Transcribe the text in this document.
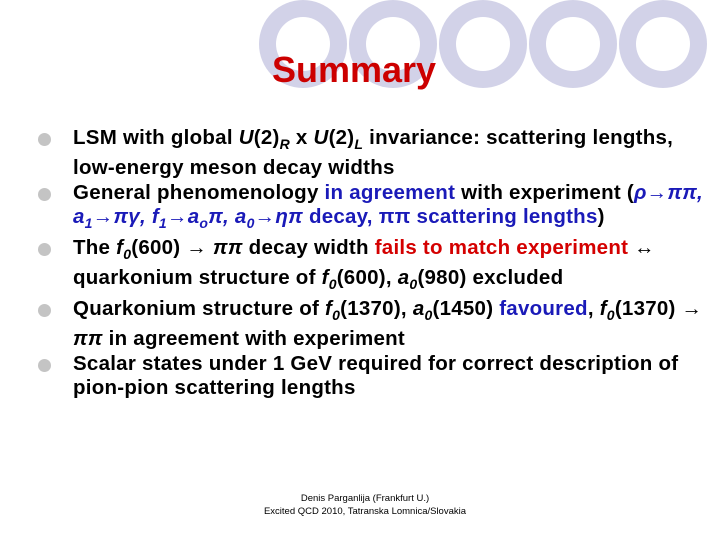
Summary
LSM with global $U(2)_R$ x $U(2)_L$ invariance: scattering lengths, low-energy meson decay widths
General phenomenology in agreement with experiment (ρ→ππ, $a_1\to\pi\gamma$, $f_1\to a_o\pi$, $a_0\to\eta\pi$ decay, ππ scattering lengths)
The $f_0(600) \to \pi\pi$ decay width fails to match experiment ↔ quarkonium structure of $f_0(600)$, $a_0(980)$ excluded
Quarkonium structure of $f_0(1370)$, $a_0(1450)$ favoured, $f_0(1370) \to \pi\pi$ in agreement with experiment
Scalar states under 1 GeV required for correct description of pion-pion scattering lengths
Denis Parganlija (Frankfurt U.)
Excited QCD 2010, Tatranska Lomnica/Slovakia
